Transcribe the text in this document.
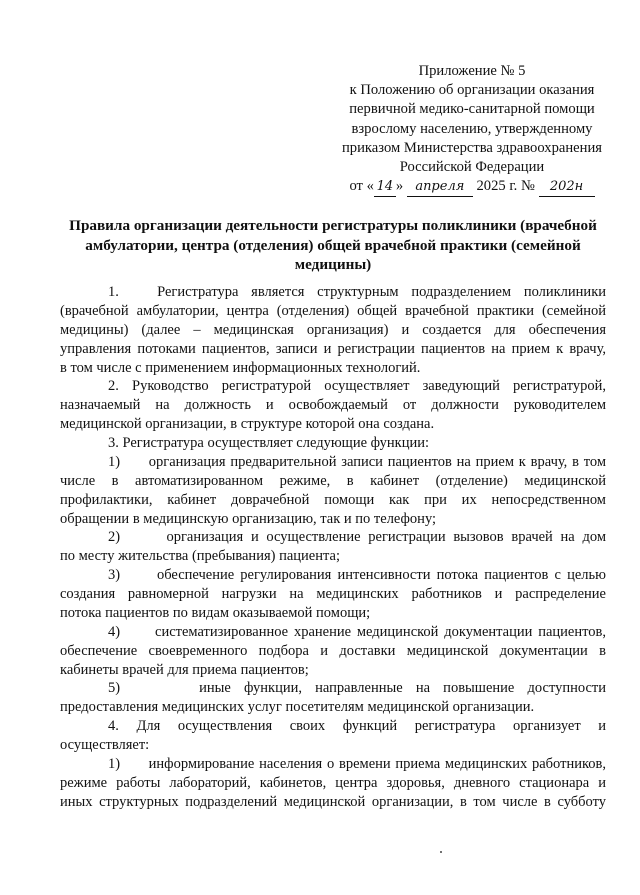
Приложение № 5
к Положению об организации оказания
первичной медико-санитарной помощи
взрослому населению, утвержденному
приказом Министерства здравоохранения
Российской Федерации
от « 14 » апреля 2025 г. № 202н
Правила организации деятельности регистратуры поликлиники (врачебной
амбулатории, центра (отделения) общей врачебной практики (семейной
медицины)
1.   Регистратура является структурным подразделением поликлиники
(врачебной амбулатории, центра (отделения) общей врачебной практики (семейной
медицины) (далее – медицинская организация) и создается для обеспечения
управления потоками пациентов, записи и регистрации пациентов на прием к врачу,
в том числе с применением информационных технологий.
2. Руководство регистратурой осуществляет заведующий регистратурой,
назначаемый на должность и освобождаемый от должности руководителем
медицинской организации, в структуре которой она создана.
3. Регистратура осуществляет следующие функции:
1)      организация предварительной записи пациентов на прием к врачу, в том
числе в автоматизированном режиме, в кабинет (отделение) медицинской
профилактики, кабинет доврачебной помощи как при их непосредственном
обращении в медицинскую организацию, так и по телефону;
2)      организация и осуществление регистрации вызовов врачей на дом
по месту жительства (пребывания) пациента;
3)      обеспечение регулирования интенсивности потока пациентов с целью
создания равномерной нагрузки на медицинских работников и распределение
потока пациентов по видам оказываемой помощи;
4)      систематизированное хранение медицинской документации пациентов,
обеспечение своевременного подбора и доставки медицинской документации в
кабинеты врачей для приема пациентов;
5)      иные функции, направленные на повышение доступности
предоставления медицинских услуг посетителям медицинской организации.
4. Для осуществления своих функций регистратура организует и
осуществляет:
1)      информирование населения о времени приема медицинских работников,
режиме работы лабораторий, кабинетов, центра здоровья, дневного стационара и
иных структурных подразделений медицинской организации, в том числе в субботу
